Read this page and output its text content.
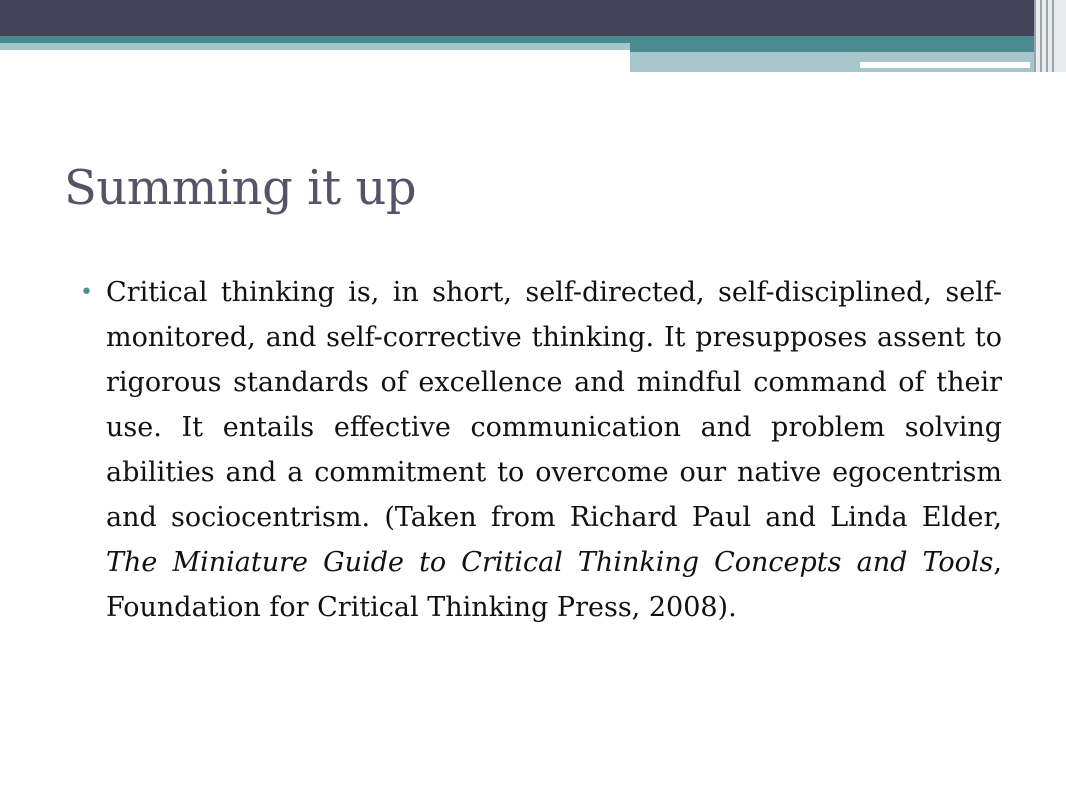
Summing it up
• Critical thinking is, in short, self-directed, self-disciplined, self-monitored, and self-corrective thinking. It presupposes assent to rigorous standards of excellence and mindful command of their use. It entails effective communication and problem solving abilities and a commitment to overcome our native egocentrism and sociocentrism. (Taken from Richard Paul and Linda Elder, The Miniature Guide to Critical Thinking Concepts and Tools, Foundation for Critical Thinking Press, 2008).
